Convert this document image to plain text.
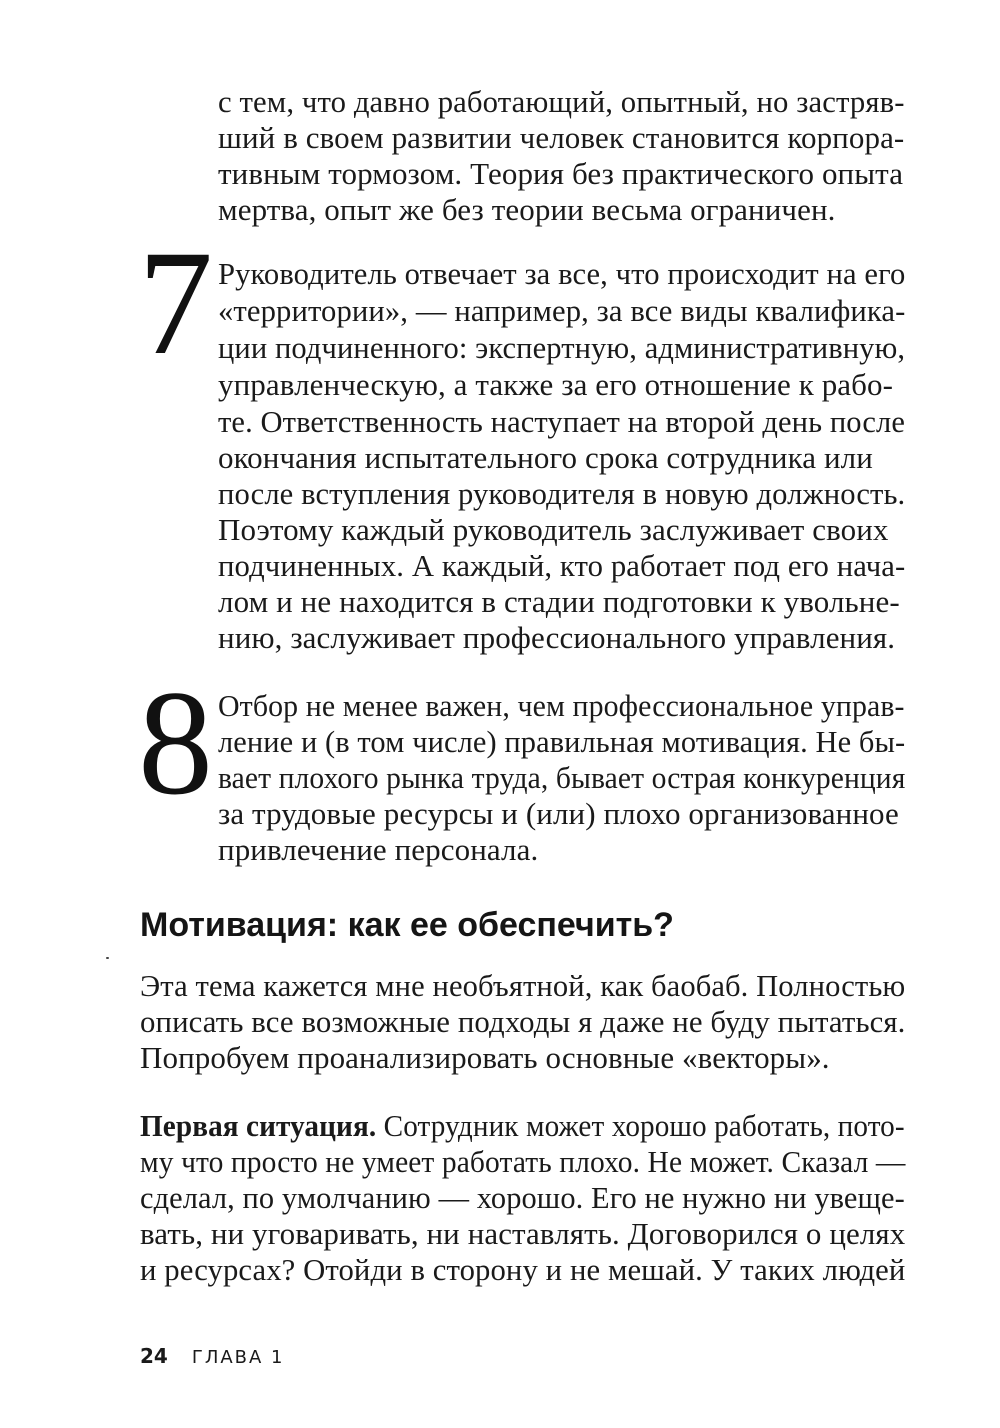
с тем, что давно работающий, опытный, но застряв-
ший в своем развитии человек становится корпора-
тивным тормозом. Теория без практического опыта
мертва, опыт же без теории весьма ограничен.
7 Руководитель отвечает за все, что происходит на его
«территории», — например, за все виды квалифика-
ции подчиненного: экспертную, административную,
управленческую, а также за его отношение к рабо-
те. Ответственность наступает на второй день после
окончания испытательного срока сотрудника или
после вступления руководителя в новую должность.
Поэтому каждый руководитель заслуживает своих
подчиненных. А каждый, кто работает под его нача-
лом и не находится в стадии подготовки к увольне-
нию, заслуживает профессионального управления.
8 Отбор не менее важен, чем профессиональное управ-
ление и (в том числе) правильная мотивация. Не бы-
вает плохого рынка труда, бывает острая конкуренция
за трудовые ресурсы и (или) плохо организованное
привлечение персонала.
Мотивация: как ее обеспечить?
Эта тема кажется мне необъятной, как баобаб. Полностью
описать все возможные подходы я даже не буду пытаться.
Попробуем проанализировать основные «векторы».
Первая ситуация. Сотрудник может хорошо работать, пото-
му что просто не умеет работать плохо. Не может. Сказал —
сделал, по умолчанию — хорошо. Его не нужно ни увеще-
вать, ни уговаривать, ни наставлять. Договорился о целях
и ресурсах? Отойди в сторону и не мешай. У таких людей
24 ГЛАВА 1
